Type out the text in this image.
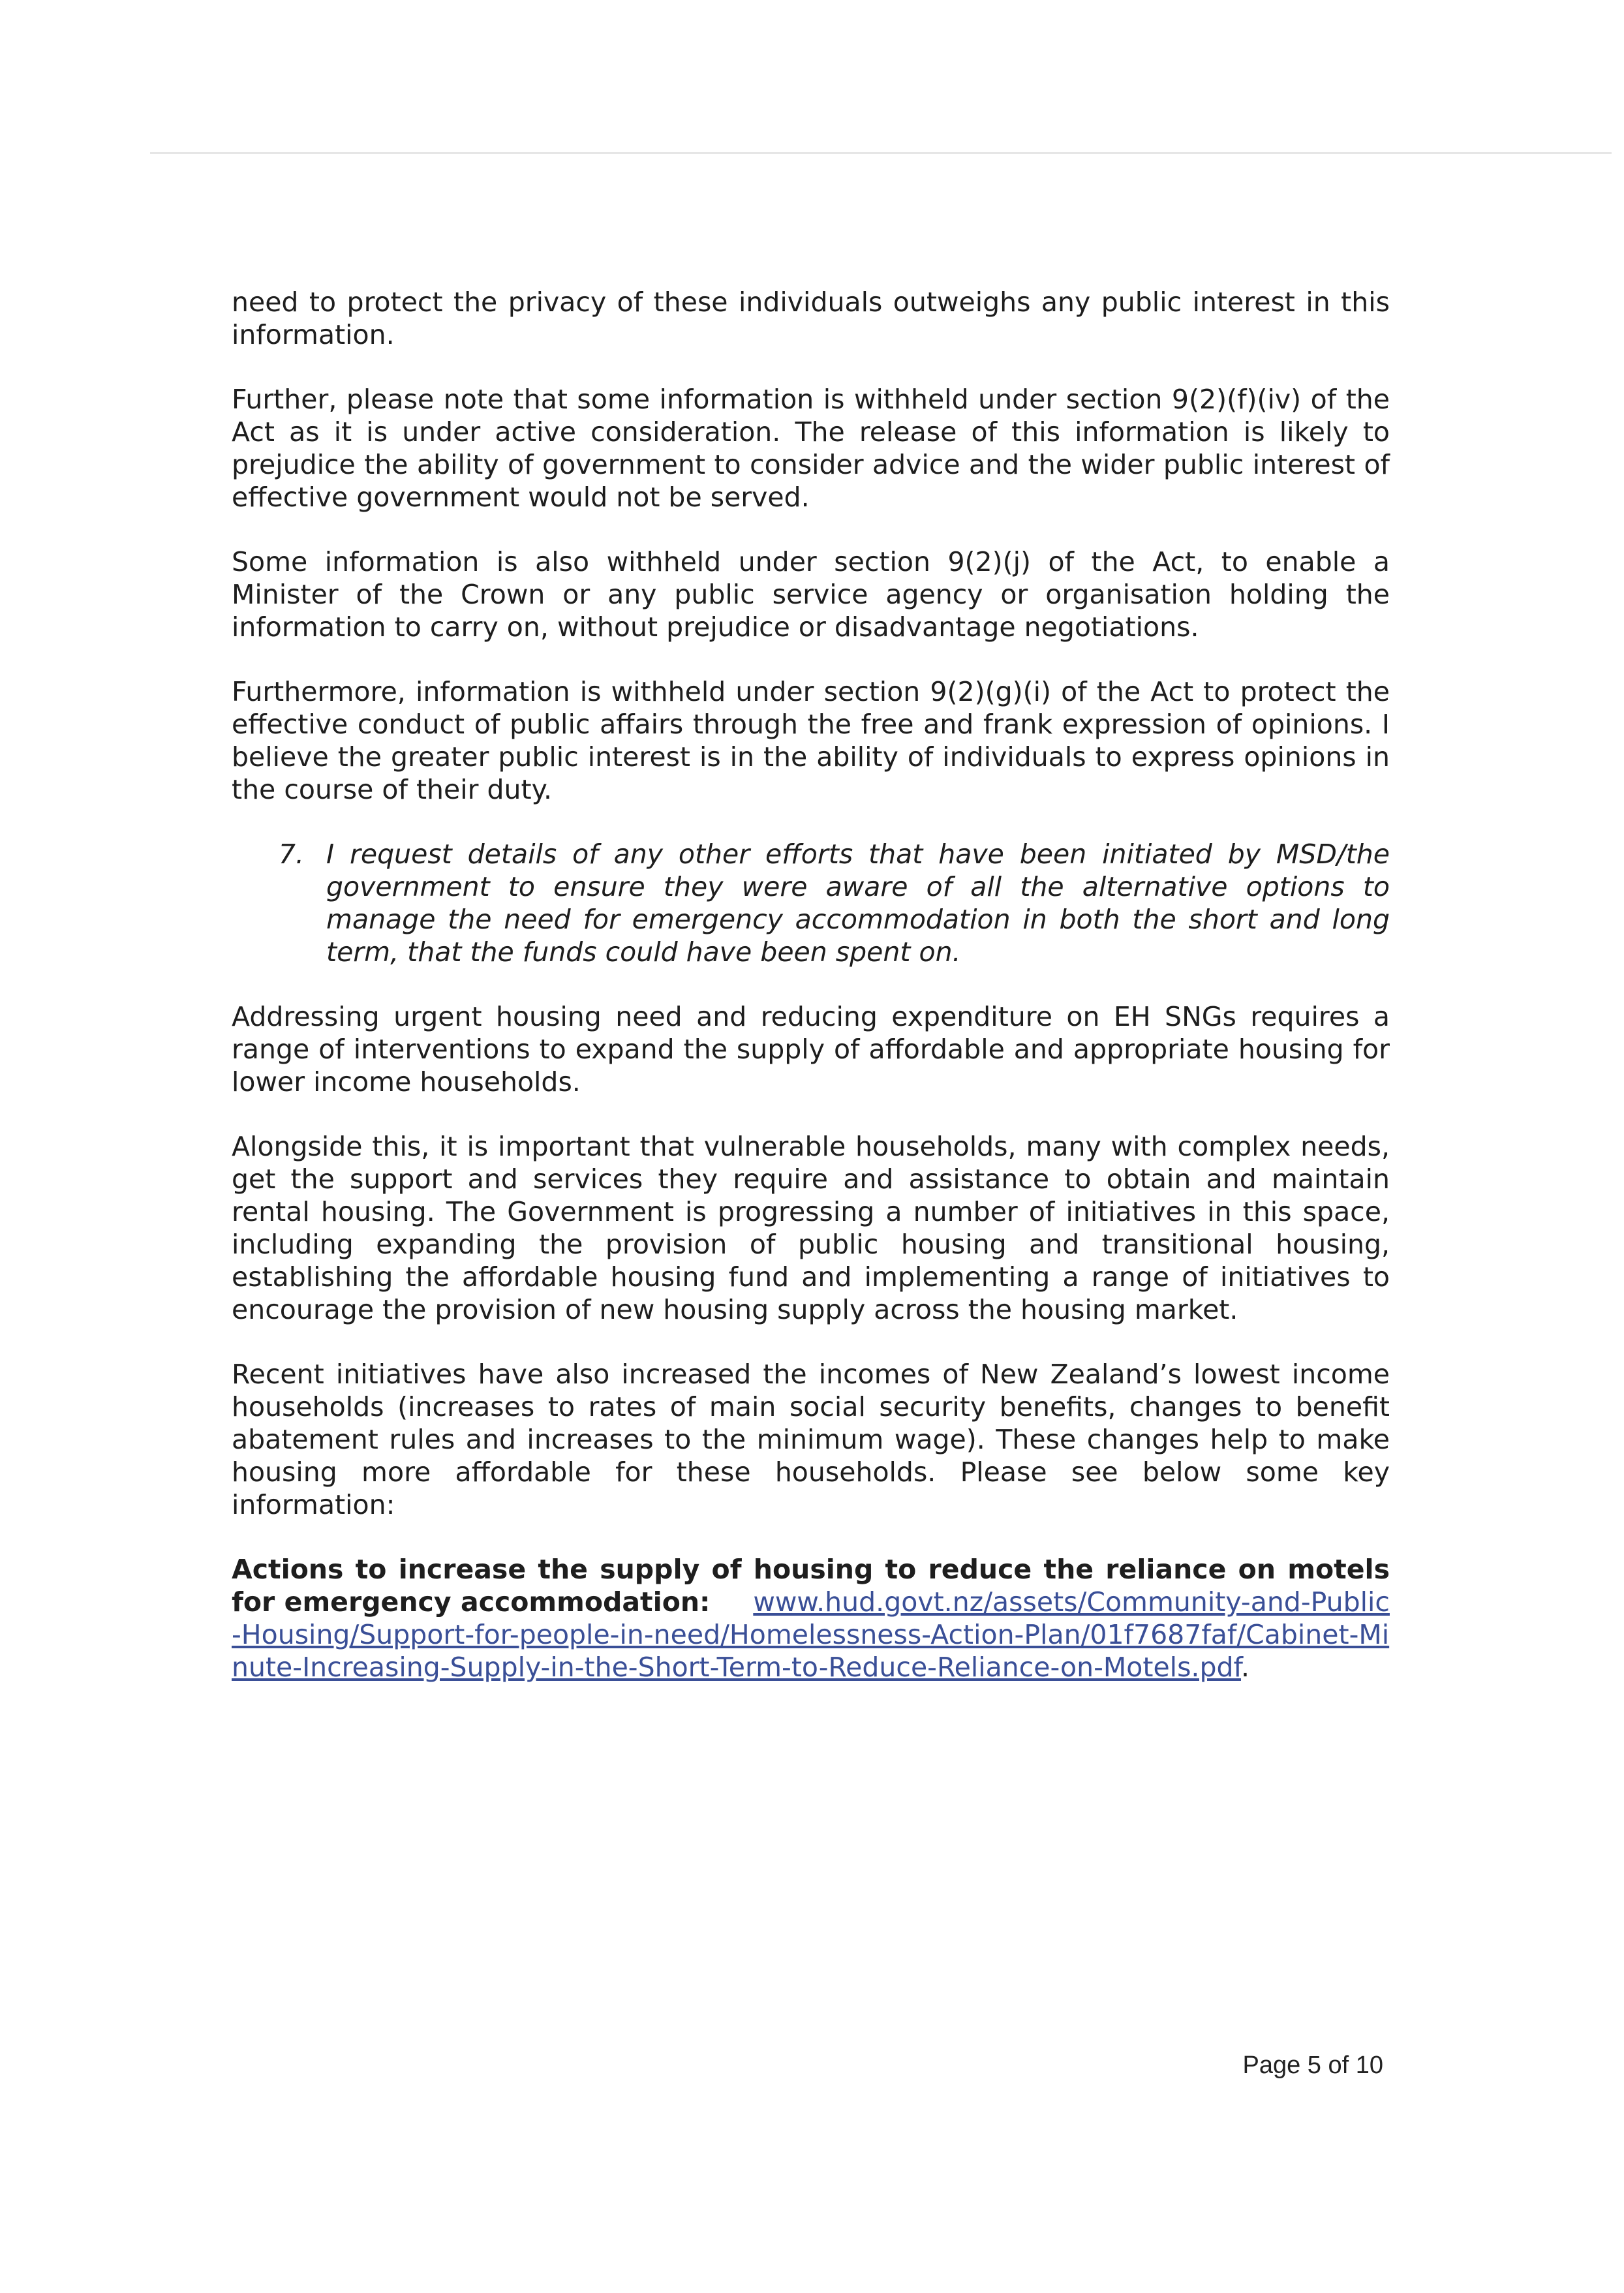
need to protect the privacy of these individuals outweighs any public interest in this information.

Further, please note that some information is withheld under section 9(2)(f)(iv) of the Act as it is under active consideration. The release of this information is likely to prejudice the ability of government to consider advice and the wider public interest of effective government would not be served.

Some information is also withheld under section 9(2)(j) of the Act, to enable a Minister of the Crown or any public service agency or organisation holding the information to carry on, without prejudice or disadvantage negotiations.

Furthermore, information is withheld under section 9(2)(g)(i) of the Act to protect the effective conduct of public affairs through the free and frank expression of opinions. I believe the greater public interest is in the ability of individuals to express opinions in the course of their duty.

7. I request details of any other efforts that have been initiated by MSD/the government to ensure they were aware of all the alternative options to manage the need for emergency accommodation in both the short and long term, that the funds could have been spent on.

Addressing urgent housing need and reducing expenditure on EH SNGs requires a range of interventions to expand the supply of affordable and appropriate housing for lower income households.

Alongside this, it is important that vulnerable households, many with complex needs, get the support and services they require and assistance to obtain and maintain rental housing. The Government is progressing a number of initiatives in this space, including expanding the provision of public housing and transitional housing, establishing the affordable housing fund and implementing a range of initiatives to encourage the provision of new housing supply across the housing market.

Recent initiatives have also increased the incomes of New Zealand’s lowest income households (increases to rates of main social security benefits, changes to benefit abatement rules and increases to the minimum wage). These changes help to make housing more affordable for these households. Please see below some key information:

Actions to increase the supply of housing to reduce the reliance on motels for emergency accommodation: www.hud.govt.nz/assets/Community-and-Public-Housing/Support-for-people-in-need/Homelessness-Action-Plan/01f7687faf/Cabinet-Minute-Increasing-Supply-in-the-Short-Term-to-Reduce-Reliance-on-Motels.pdf.

Page 5 of 10
